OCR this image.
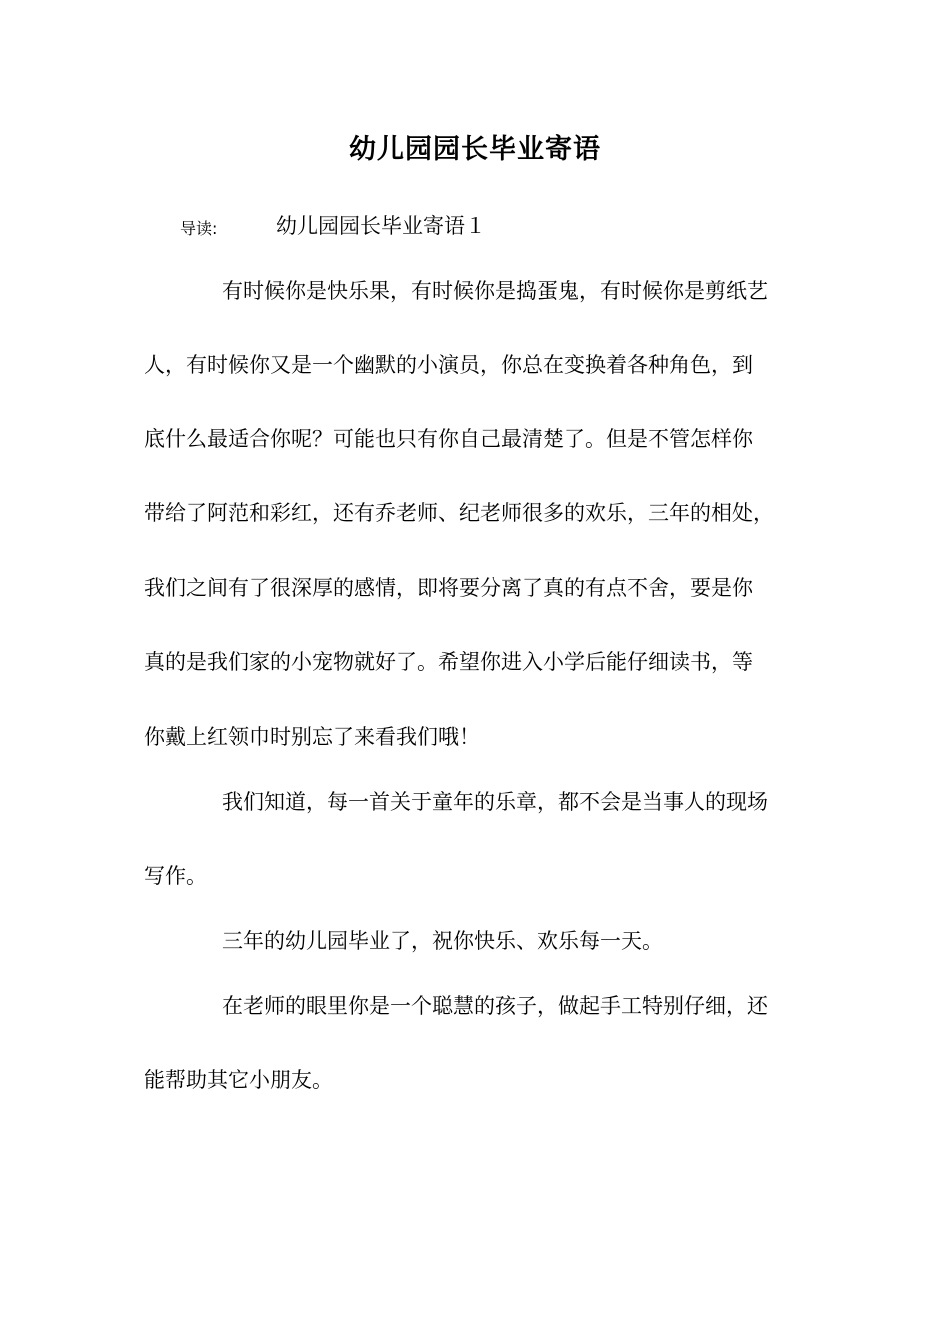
幼儿园园长毕业寄语
导读:	幼儿园园长毕业寄语１
有时候你是快乐果，有时候你是捣蛋鬼，有时候你是剪纸艺
人，有时候你又是一个幽默的小演员，你总在变换着各种角色，到
底什么最适合你呢？可能也只有你自己最清楚了。但是不管怎样你
带给了阿范和彩红，还有乔老师、纪老师很多的欢乐，三年的相处，
我们之间有了很深厚的感情，即将要分离了真的有点不舍，要是你
真的是我们家的小宠物就好了。希望你进入小学后能仔细读书，等
你戴上红领巾时别忘了来看我们哦！
我们知道，每一首关于童年的乐章，都不会是当事人的现场
写作。
三年的幼儿园毕业了，祝你快乐、欢乐每一天。
在老师的眼里你是一个聪慧的孩子，做起手工特别仔细，还
能帮助其它小朋友。
